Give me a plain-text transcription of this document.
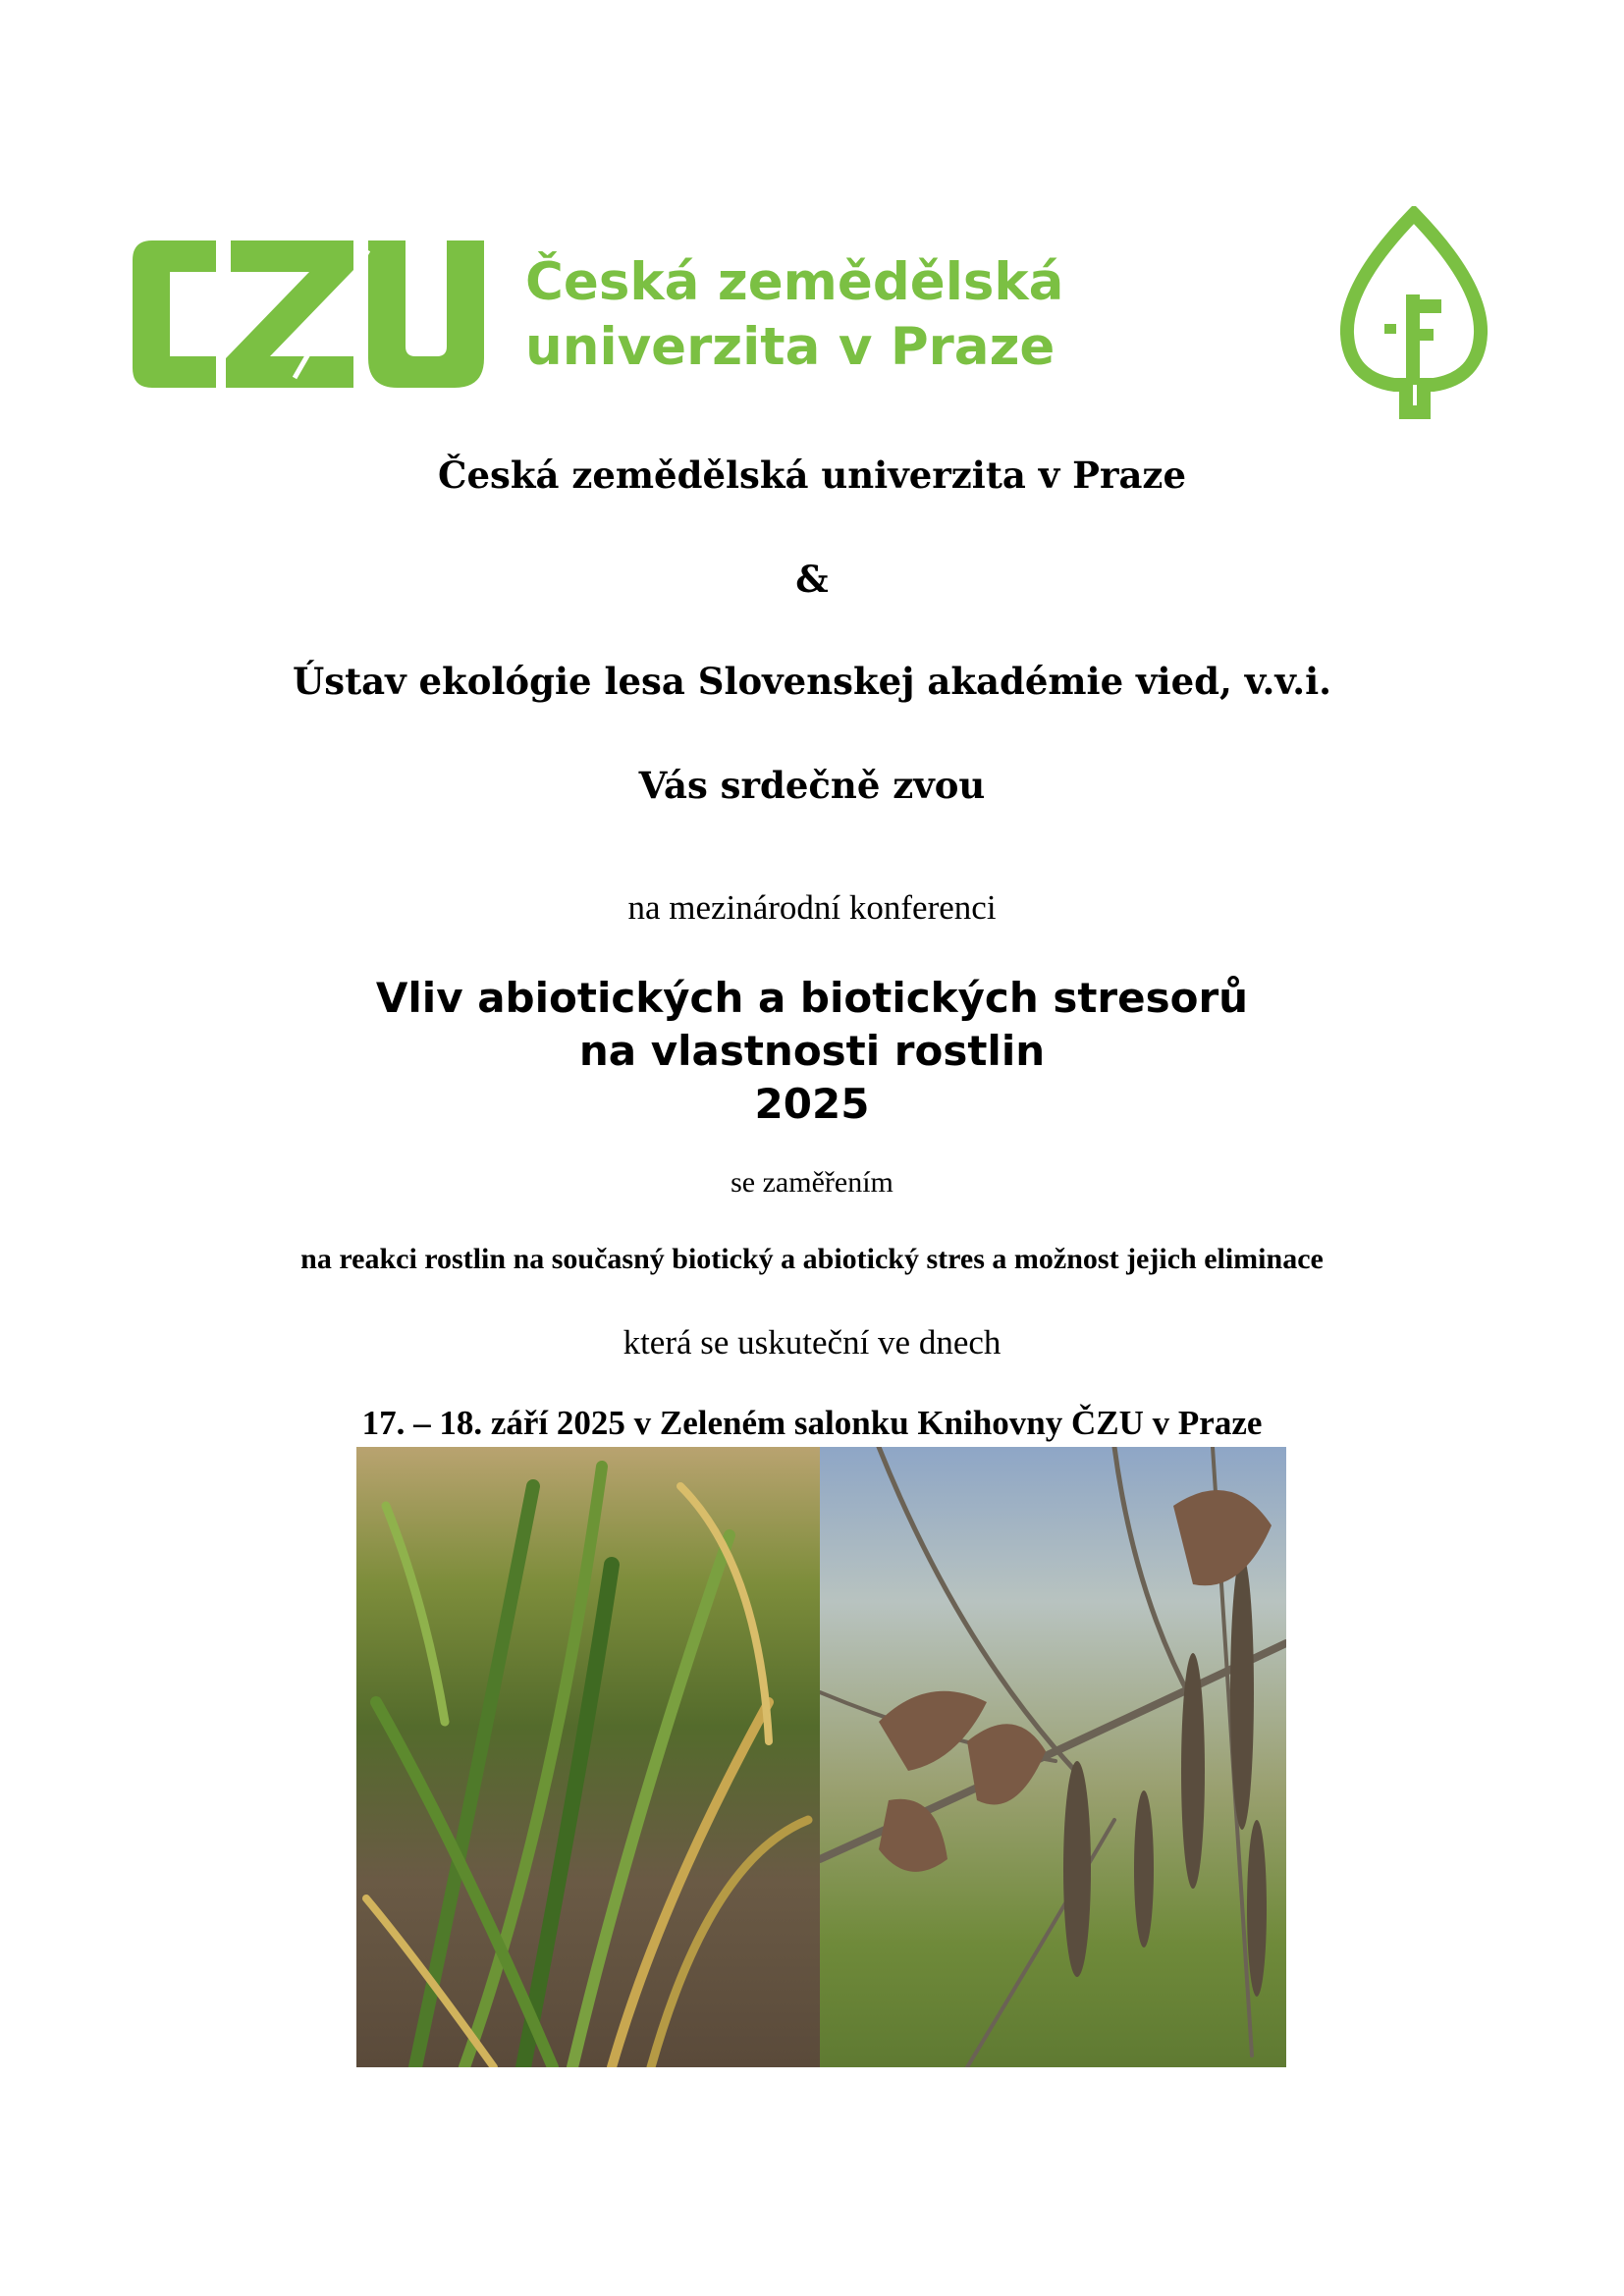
Česká zemědělská
univerzita v Praze
Česká zemědělská univerzita v Praze
&
Ústav ekológie lesa Slovenskej akadémie vied, v.v.i.
Vás srdečně zvou
na mezinárodní konferenci
Vliv abiotických a biotických stresorů
na vlastnosti rostlin
2025
se zaměřením
na reakci rostlin na současný biotický a abiotický stres a možnost jejich eliminace
která se uskuteční ve dnech
17. – 18. září 2025 v Zeleném salonku Knihovny ČZU v Praze
